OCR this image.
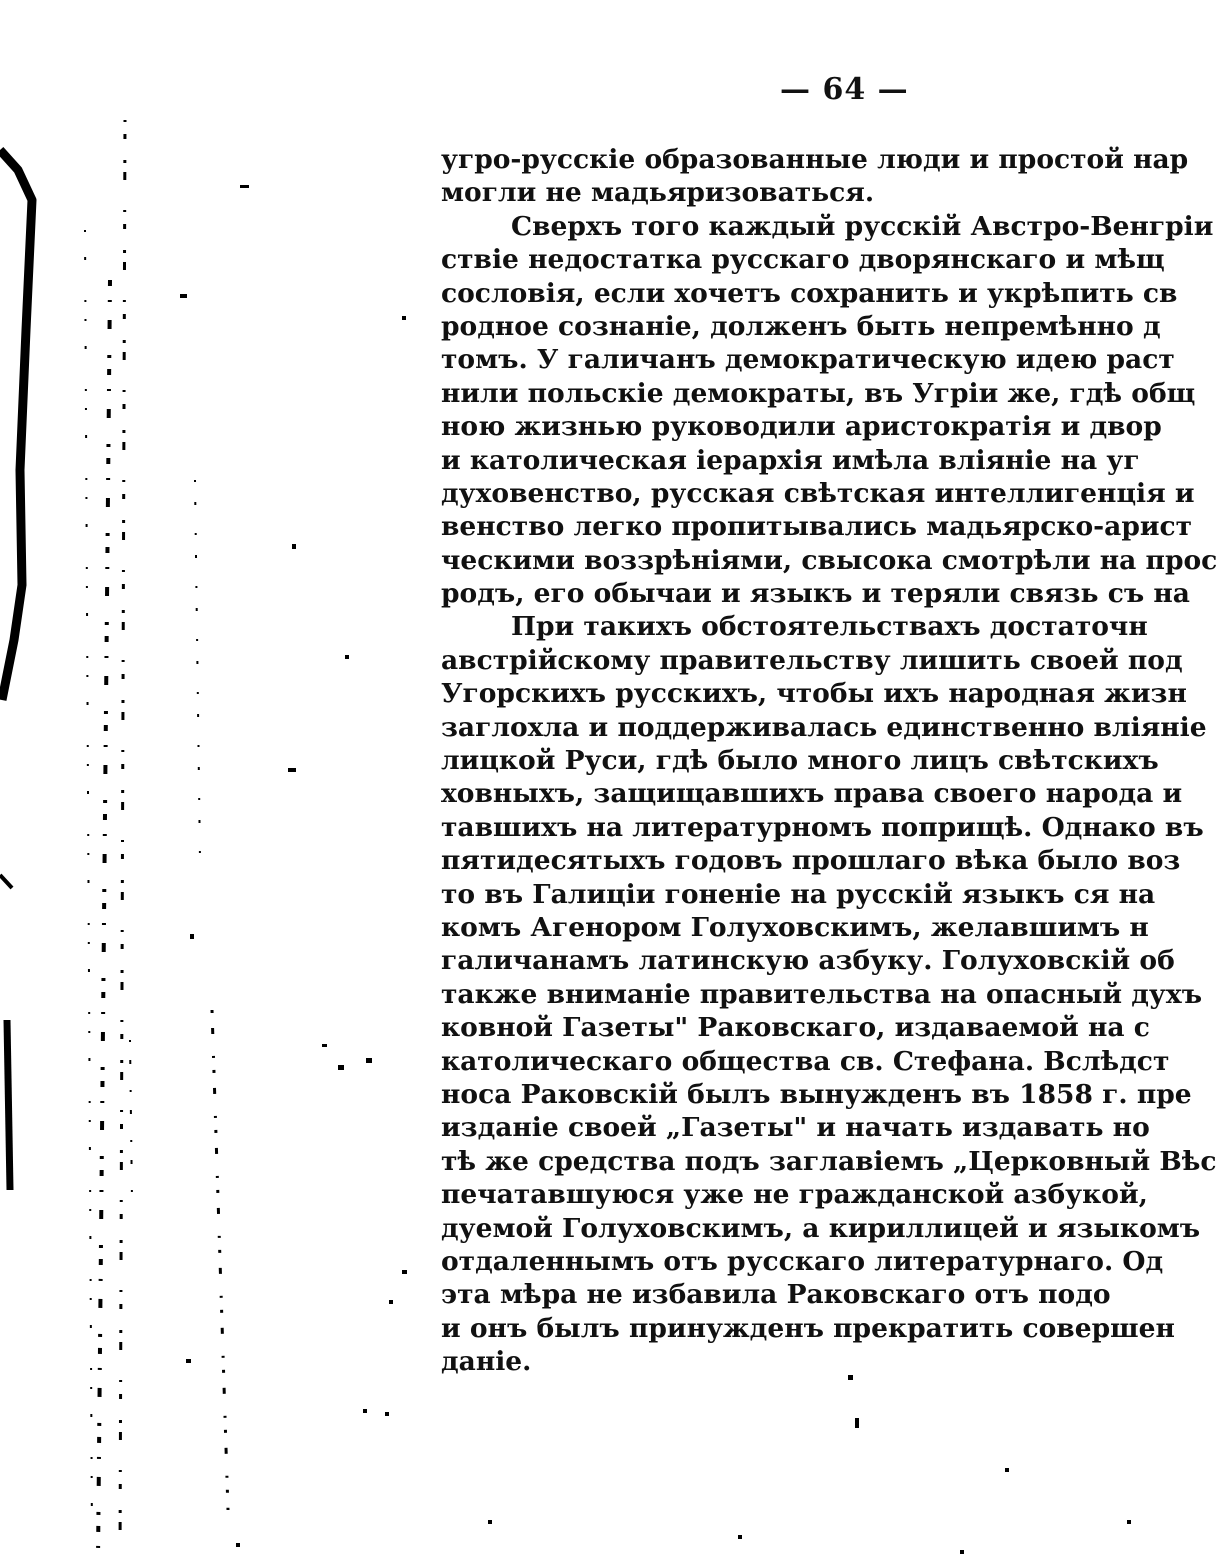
— 64 —
угро-русскіе образованные люди и простой нар
могли не мадьяризоваться.
Сверхъ того каждый русскій Австро-Венгріи
ствіе недостатка русскаго дворянскаго и мѣщ
сословія, если хочетъ сохранить и укрѣпить св
родное сознаніе, долженъ быть непремѣнно д
томъ. У галичанъ демократическую идею раст
нили польскіе демократы, въ Угріи же, гдѣ общ
ною жизнью руководили аристократія и двор
и католическая іерархія имѣла вліяніе на уг
духовенство, русская свѣтская интеллигенція и
венство легко пропитывались мадьярско-арист
ческими воззрѣніями, свысока смотрѣли на прос
родъ, его обычаи и языкъ и теряли связь съ на
При такихъ обстоятельствахъ достаточн
австрійскому правительству лишить своей под
Угорскихъ русскихъ, чтобы ихъ народная жизн
заглохла и поддерживалась единственно вліяніе
лицкой Руси, гдѣ было много лицъ свѣтскихъ
ховныхъ, защищавшихъ права своего народа и
тавшихъ на литературномъ поприщѣ. Однако въ
пятидесятыхъ годовъ прошлаго вѣка было воз
то въ Галиціи гоненіе на русскій языкъ ся на
комъ Агенором Голуховскимъ, желавшимъ н
галичанамъ латинскую азбуку. Голуховскій об
также вниманіе правительства на опасный духъ
ковной Газеты" Раковскаго, издаваемой на с
католическаго общества св. Стефана. Вслѣдст
носа Раковскій былъ вынужденъ въ 1858 г. пре
изданіе своей „Газеты" и начать издавать но
тѣ же средства подъ заглавіемъ „Церковный Вѣс
печатавшуюся уже не гражданской азбукой,
дуемой Голуховскимъ, а кириллицей и языкомъ
отдаленнымъ отъ русскаго литературнаго. Од
эта мѣра не избавила Раковскаго отъ подо
и онъ былъ принужденъ прекратить совершен
даніе.
